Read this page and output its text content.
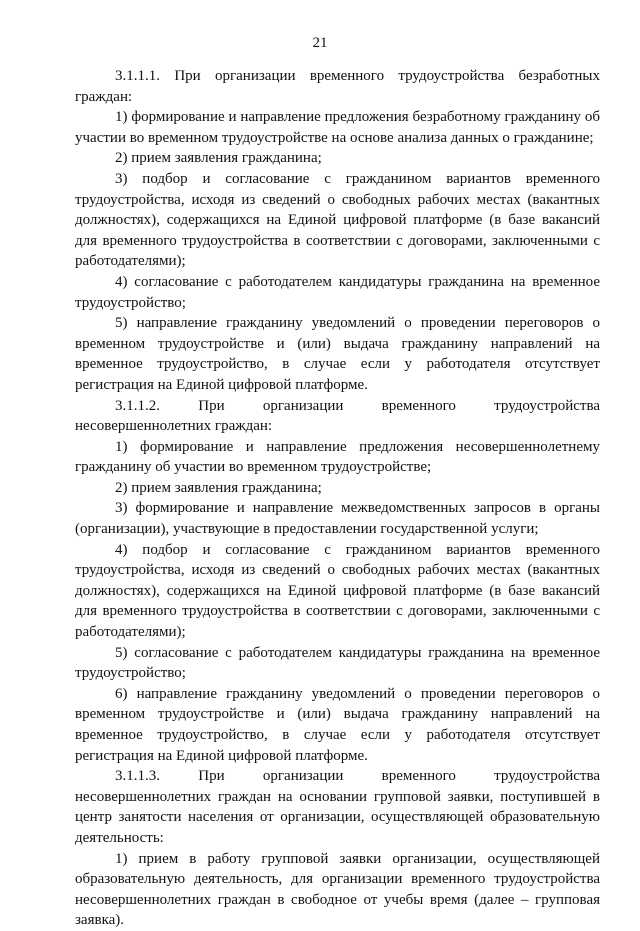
21

3.1.1.1. При организации временного трудоустройства безработных граждан:

1) формирование и направление предложения безработному гражданину об участии во временном трудоустройстве на основе анализа данных о гражданине;

2) прием заявления гражданина;

3) подбор и согласование с гражданином вариантов временного трудоустройства, исходя из сведений о свободных рабочих местах (вакантных должностях), содержащихся на Единой цифровой платформе (в базе вакансий для временного трудоустройства в соответствии с договорами, заключенными с работодателями);

4) согласование с работодателем кандидатуры гражданина на временное трудоустройство;

5) направление гражданину уведомлений о проведении переговоров о временном трудоустройстве и (или) выдача гражданину направлений на временное трудоустройство, в случае если у работодателя отсутствует регистрация на Единой цифровой платформе.

3.1.1.2. При организации временного трудоустройства несовершеннолетних граждан:

1) формирование и направление предложения несовершеннолетнему гражданину об участии во временном трудоустройстве;

2) прием заявления гражданина;

3) формирование и направление межведомственных запросов в органы (организации), участвующие в предоставлении государственной услуги;

4) подбор и согласование с гражданином вариантов временного трудоустройства, исходя из сведений о свободных рабочих местах (вакантных должностях), содержащихся на Единой цифровой платформе (в базе вакансий для временного трудоустройства в соответствии с договорами, заключенными с работодателями);

5) согласование с работодателем кандидатуры гражданина на временное трудоустройство;

6) направление гражданину уведомлений о проведении переговоров о временном трудоустройстве и (или) выдача гражданину направлений на временное трудоустройство, в случае если у работодателя отсутствует регистрация на Единой цифровой платформе.

3.1.1.3. При организации временного трудоустройства несовершеннолетних граждан на основании групповой заявки, поступившей в центр занятости населения от организации, осуществляющей образовательную деятельность:

1) прием в работу групповой заявки организации, осуществляющей образовательную деятельность, для организации временного трудоустройства несовершеннолетних граждан в свободное от учебы время (далее – групповая заявка).
